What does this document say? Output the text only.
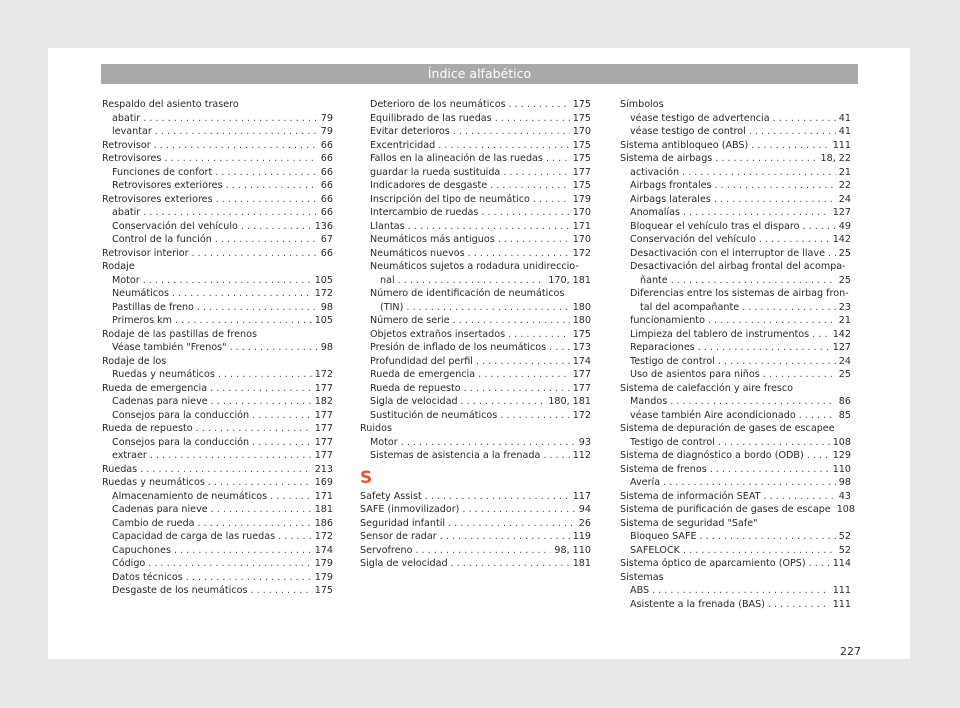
Índice alfabético
Respaldo del asiento trasero
abatir . . .	79
levantar . . .	79
Retrovisor . . .	66
Retrovisores . . .	66
Funciones de confort . . .	66
Retrovisores exteriores . . .	66
Retrovisores exteriores . . .	66
abatir . . .	66
Conservación del vehículo . . .	136
Control de la función . . .	67
Retrovisor interior . . .	66
Rodaje
Motor . . .	105
Neumáticos . . .	172
Pastillas de freno . . .	98
Primeros km . . .	105
Rodaje de las pastillas de frenos
Véase también "Frenos" . . .	98
Rodaje de los
Ruedas y neumáticos . . .	172
Rueda de emergencia . . .	177
Cadenas para nieve . . .	182
Consejos para la conducción . . .	177
Rueda de repuesto . . .	177
Consejos para la conducción . . .	177
extraer . . .	177
Ruedas . . .	213
Ruedas y neumáticos . . .	169
Almacenamiento de neumáticos . . .	171
Cadenas para nieve . . .	181
Cambio de rueda . . .	186
Capacidad de carga de las ruedas . . .	172
Capuchones . . .	174
Código . . .	179
Datos técnicos . . .	179
Desgaste de los neumáticos . . .	175
Deterioro de los neumáticos . . .	175
Equilibrado de las ruedas . . .	175
Evitar deterioros . . .	170
Excentricidad . . .	175
Fallos en la alineación de las ruedas . . .	175
guardar la rueda sustituida . . .	177
Indicadores de desgaste . . .	175
Inscripción del tipo de neumático . . .	179
Intercambio de ruedas . . .	170
Llantas . . .	171
Neumáticos más antiguos . . .	170
Neumáticos nuevos . . .	172
Neumáticos sujetos a rodadura unidireccio-
nal . . .	170, 181
Número de identificación de neumáticos
(TIN) . . .	180
Número de serie . . .	180
Objetos extraños insertados . . .	175
Presión de inflado de los neumáticos . . .	173
Profundidad del perfil . . .	174
Rueda de emergencia . . .	177
Rueda de repuesto . . .	177
Sigla de velocidad . . .	180, 181
Sustitución de neumáticos . . .	172
Ruidos
Motor . . .	93
Sistemas de asistencia a la frenada . . .	112
S
Safety Assist . . .	117
SAFE (inmovilizador) . . .	94
Seguridad infantil . . .	26
Sensor de radar . . .	119
Servofreno . . .	98, 110
Sigla de velocidad . . .	181
Símbolos
véase testigo de advertencia . . .	41
véase testigo de control . . .	41
Sistema antibloqueo (ABS) . . .	111
Sistema de airbags . . .	18, 22
activación . . .	21
Airbags frontales . . .	22
Airbags laterales . . .	24
Anomalías . . .	127
Bloquear el vehículo tras el disparo . . .	49
Conservación del vehículo . . .	142
Desactivación con el interruptor de llave . . . 25
Desactivación del airbag frontal del acompa-
ñante . . .	25
Diferencias entre los sistemas de airbag fron-
tal del acompañante . . .	23
funcionamiento . . .	21
Limpieza del tablero de instrumentos . . . 142
Reparaciones . . .	127
Testigo de control . . .	24
Uso de asientos para niños . . .	25
Sistema de calefacción y aire fresco
Mandos . . .	86
véase también Aire acondicionado . . .	85
Sistema de depuración de gases de escapee
Testigo de control . . .	108
Sistema de diagnóstico a bordo (ODB) . . .	129
Sistema de frenos . . .	110
Avería . . .	98
Sistema de información SEAT . . .	43
Sistema de purificación de gases de escape 108
Sistema de seguridad "Safe"
Bloqueo SAFE . . .	52
SAFELOCK . . .	52
Sistema óptico de aparcamiento (OPS) . . .	114
Sistemas
ABS . . .	111
Asistente a la frenada (BAS) . . .	111
227
